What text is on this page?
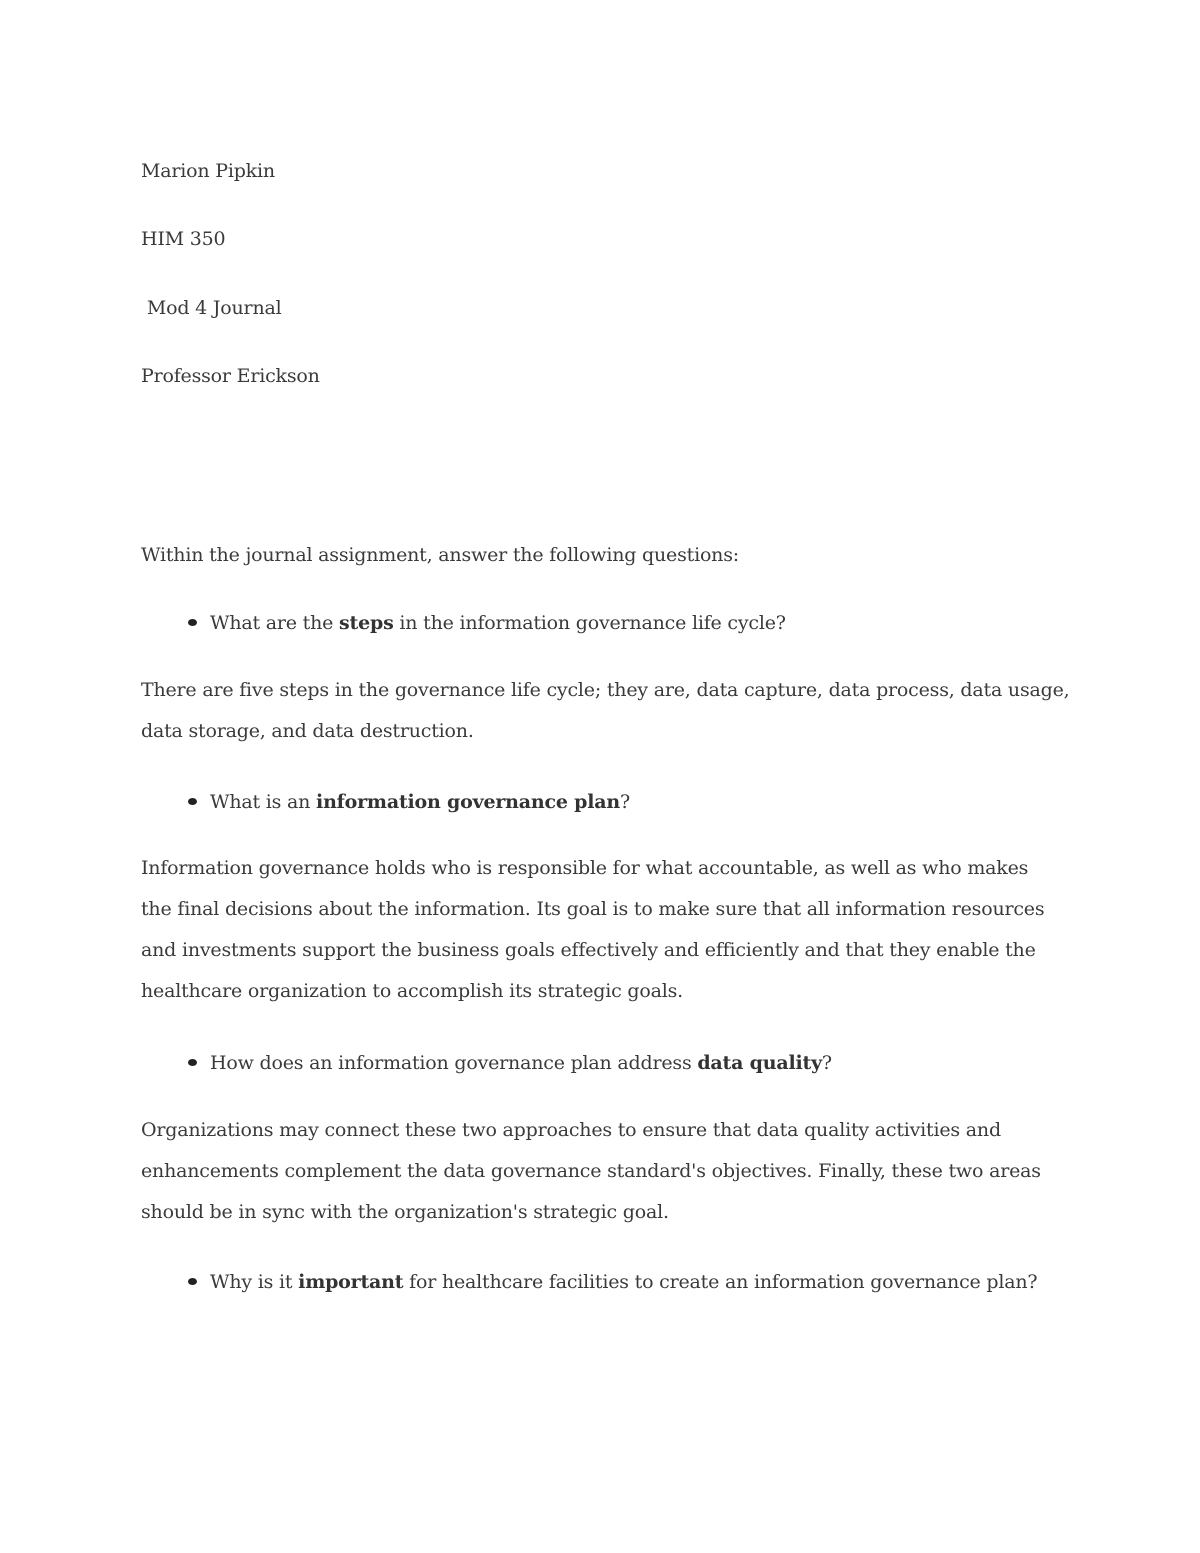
Marion Pipkin
HIM 350
Mod 4 Journal
Professor Erickson
Within the journal assignment, answer the following questions:
What are the steps in the information governance life cycle?
There are five steps in the governance life cycle; they are, data capture, data process, data usage,
data storage, and data destruction.
What is an information governance plan?
Information governance holds who is responsible for what accountable, as well as who makes
the final decisions about the information. Its goal is to make sure that all information resources
and investments support the business goals effectively and efficiently and that they enable the
healthcare organization to accomplish its strategic goals.
How does an information governance plan address data quality?
Organizations may connect these two approaches to ensure that data quality activities and
enhancements complement the data governance standard's objectives. Finally, these two areas
should be in sync with the organization's strategic goal.
Why is it important for healthcare facilities to create an information governance plan?
